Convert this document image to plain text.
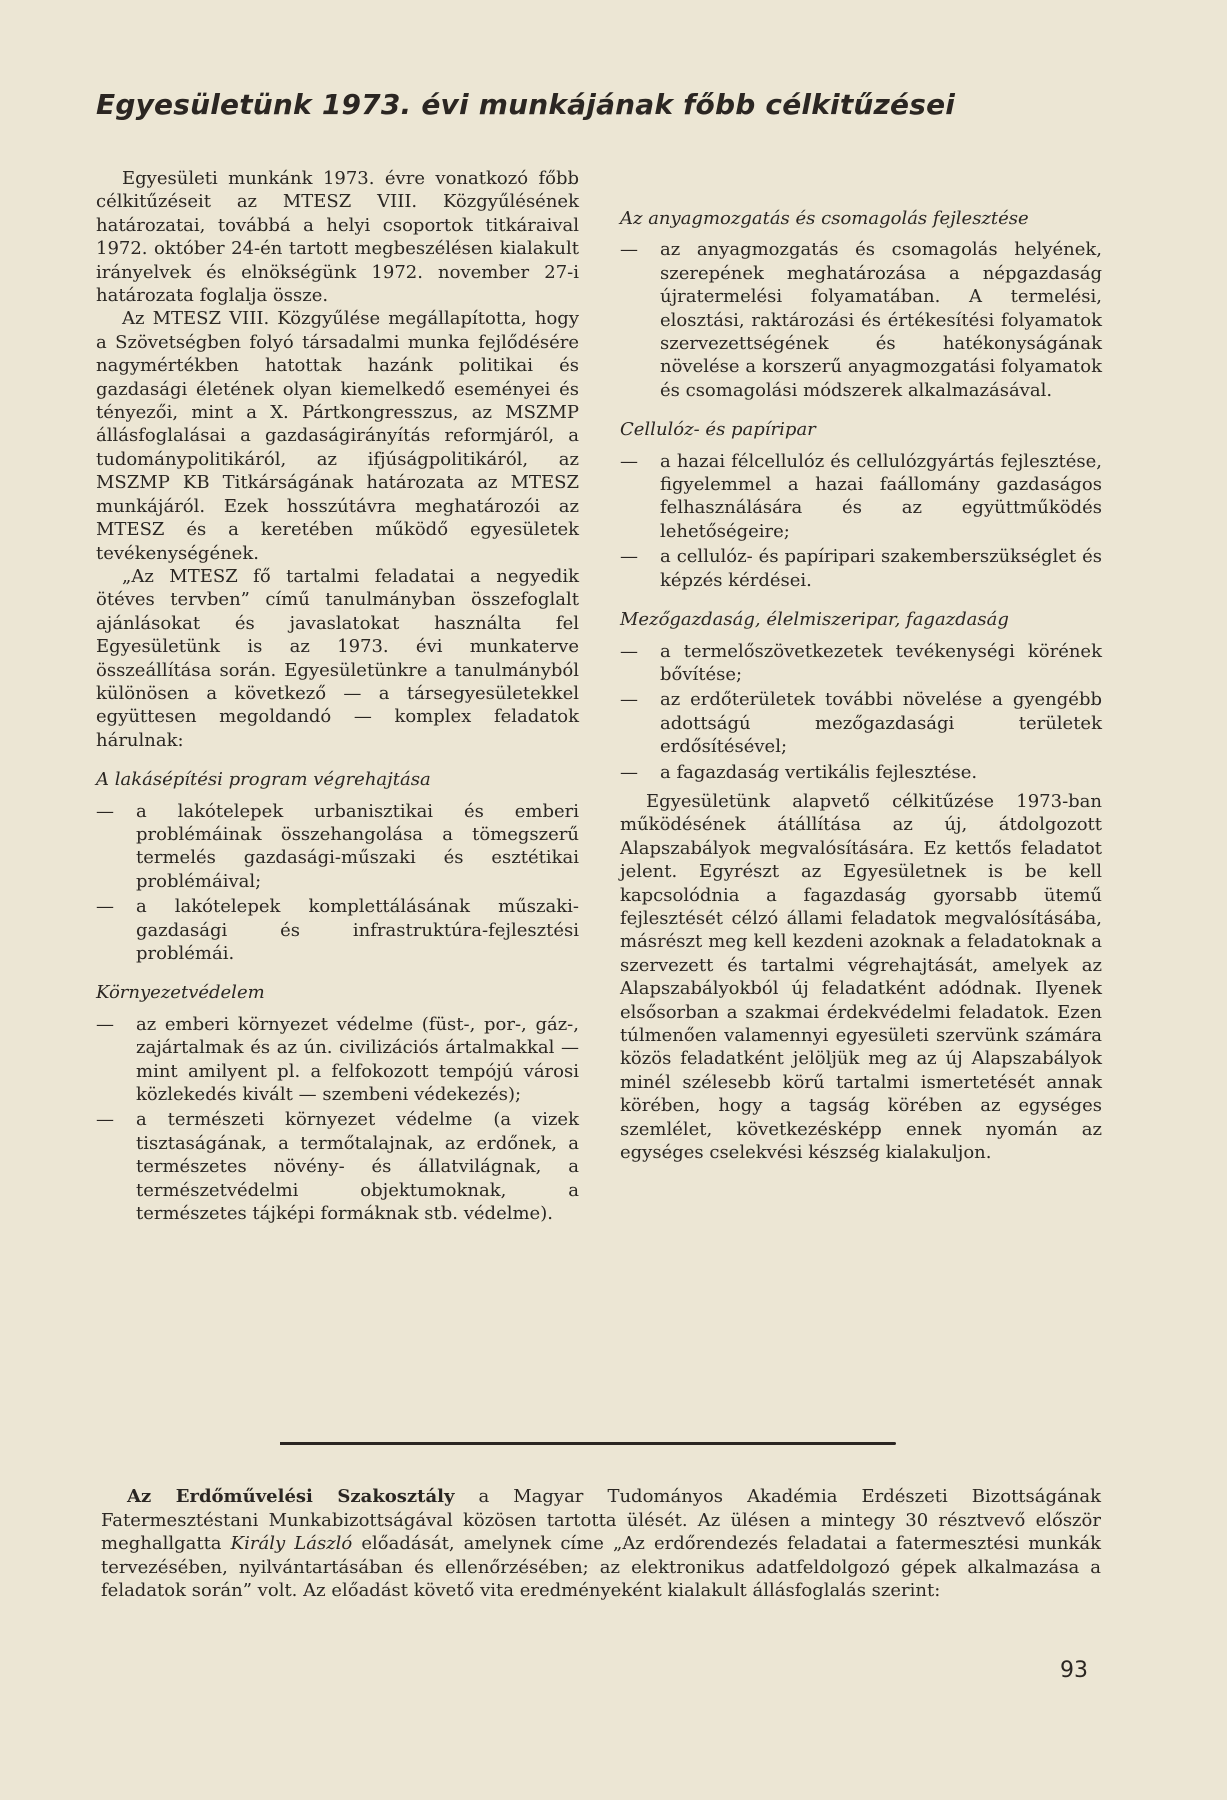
Egyesületünk 1973. évi munkájának főbb célkitűzései

Egyesületi munkánk 1973. évre vonatkozó főbb célkitűzéseit az MTESZ VIII. Közgyűlésének határozatai, továbbá a helyi csoportok titkáraival 1972. október 24-én tartott megbeszélésen kialakult irányelvek és elnökségünk 1972. november 27-i határozata foglalja össze.

Az MTESZ VIII. Közgyűlése megállapította, hogy a Szövetségben folyó társadalmi munka fejlődésére nagymértékben hatottak hazánk politikai és gazdasági életének olyan kiemelkedő eseményei és tényezői, mint a X. Pártkongresszus, az MSZMP állásfoglalásai a gazdaságirányítás reformjáról, a tudománypolitikáról, az ifjúságpolitikáról, az MSZMP KB Titkárságának határozata az MTESZ munkájáról. Ezek hosszútávra meghatározói az MTESZ és a keretében működő egyesületek tevékenységének.

„Az MTESZ fő tartalmi feladatai a negyedik ötéves tervben” című tanulmányban összefoglalt ajánlásokat és javaslatokat használta fel Egyesületünk is az 1973. évi munkaterve összeállítása során. Egyesületünkre a tanulmányból különösen a következő — a társegyesületekkel együttesen megoldandó — komplex feladatok hárulnak:

A lakásépítési program végrehajtása

— a lakótelepek urbanisztikai és emberi problémáinak összehangolása a tömegszerű termelés gazdasági-műszaki és esztétikai problémáival;
— a lakótelepek komplettálásának műszaki-gazdasági és infrastruktúra-fejlesztési problémái.

Környezetvédelem

— az emberi környezet védelme (füst-, por-, gáz-, zajártalmak és az ún. civilizációs ártalmakkal — mint amilyent pl. a felfokozott tempójú városi közlekedés kivált — szembeni védekezés);
— a természeti környezet védelme (a vizek tisztaságának, a termőtalajnak, az erdőnek, a természetes növény- és állatvilágnak, a természetvédelmi objektumoknak, a természetes tájképi formáknak stb. védelme).

Az anyagmozgatás és csomagolás fejlesztése

— az anyagmozgatás és csomagolás helyének, szerepének meghatározása a népgazdaság újratermelési folyamatában. A termelési, elosztási, raktározási és értékesítési folyamatok szervezettségének és hatékonyságának növelése a korszerű anyagmozgatási folyamatok és csomagolási módszerek alkalmazásával.

Cellulóz- és papíripar

— a hazai félcellulóz és cellulózgyártás fejlesztése, figyelemmel a hazai faállomány gazdaságos felhasználására és az együttműködés lehetőségeire;
— a cellulóz- és papíripari szakemberszükséglet és képzés kérdései.

Mezőgazdaság, élelmiszeripar, fagazdaság

— a termelőszövetkezetek tevékenységi körének bővítése;
— az erdőterületek további növelése a gyengébb adottságú mezőgazdasági területek erdősítésével;
— a fagazdaság vertikális fejlesztése.

Egyesületünk alapvető célkitűzése 1973-ban működésének átállítása az új, átdolgozott Alapszabályok megvalósítására. Ez kettős feladatot jelent. Egyrészt az Egyesületnek is be kell kapcsolódnia a fagazdaság gyorsabb ütemű fejlesztését célzó állami feladatok megvalósításába, másrészt meg kell kezdeni azoknak a feladatoknak a szervezett és tartalmi végrehajtását, amelyek az Alapszabályokból új feladatként adódnak. Ilyenek elsősorban a szakmai érdekvédelmi feladatok. Ezen túlmenően valamennyi egyesületi szervünk számára közös feladatként jelöljük meg az új Alapszabályok minél szélesebb körű tartalmi ismertetését annak körében, hogy a tagság körében az egységes szemlélet, következésképp ennek nyomán az egységes cselekvési készség kialakuljon.

Az Erdőművelési Szakosztály a Magyar Tudományos Akadémia Erdészeti Bizottságának Fatermesztéstani Munkabizottságával közösen tartotta ülését. Az ülésen a mintegy 30 résztvevő először meghallgatta Király László előadását, amelynek címe „Az erdőrendezés feladatai a fatermesztési munkák tervezésében, nyilvántartásában és ellenőrzésében; az elektronikus adatfeldolgozó gépek alkalmazása a feladatok során” volt. Az előadást követő vita eredményeként kialakult állásfoglalás szerint:

93
